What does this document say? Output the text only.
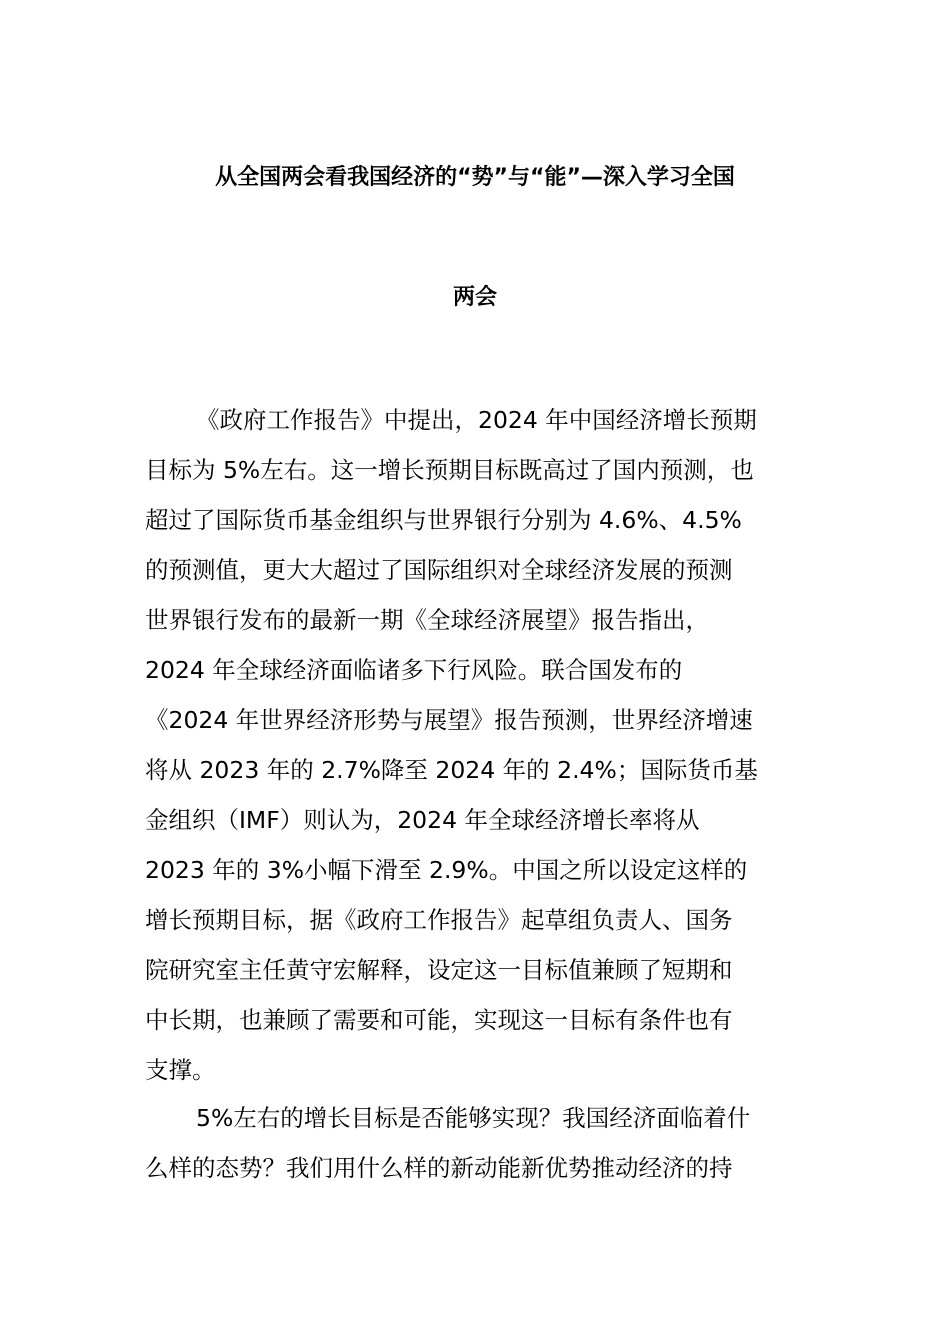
从全国两会看我国经济的“势”与“能”—深入学习全国
两会
《政府工作报告》中提出，2024 年中国经济增长预期
目标为 5%左右。这一增长预期目标既高过了国内预测，也
超过了国际货币基金组织与世界银行分别为 4.6%、4.5%
的预测值，更大大超过了国际组织对全球经济发展的预测
世界银行发布的最新一期《全球经济展望》报告指出，
2024 年全球经济面临诸多下行风险。联合国发布的
《2024 年世界经济形势与展望》报告预测，世界经济增速
将从 2023 年的 2.7%降至 2024 年的 2.4%；国际货币基
金组织（IMF）则认为，2024 年全球经济增长率将从
2023 年的 3%小幅下滑至 2.9%。中国之所以设定这样的
增长预期目标，据《政府工作报告》起草组负责人、国务
院研究室主任黄守宏解释，设定这一目标值兼顾了短期和
中长期，也兼顾了需要和可能，实现这一目标有条件也有
支撑。
5%左右的增长目标是否能够实现？我国经济面临着什
么样的态势？我们用什么样的新动能新优势推动经济的持
